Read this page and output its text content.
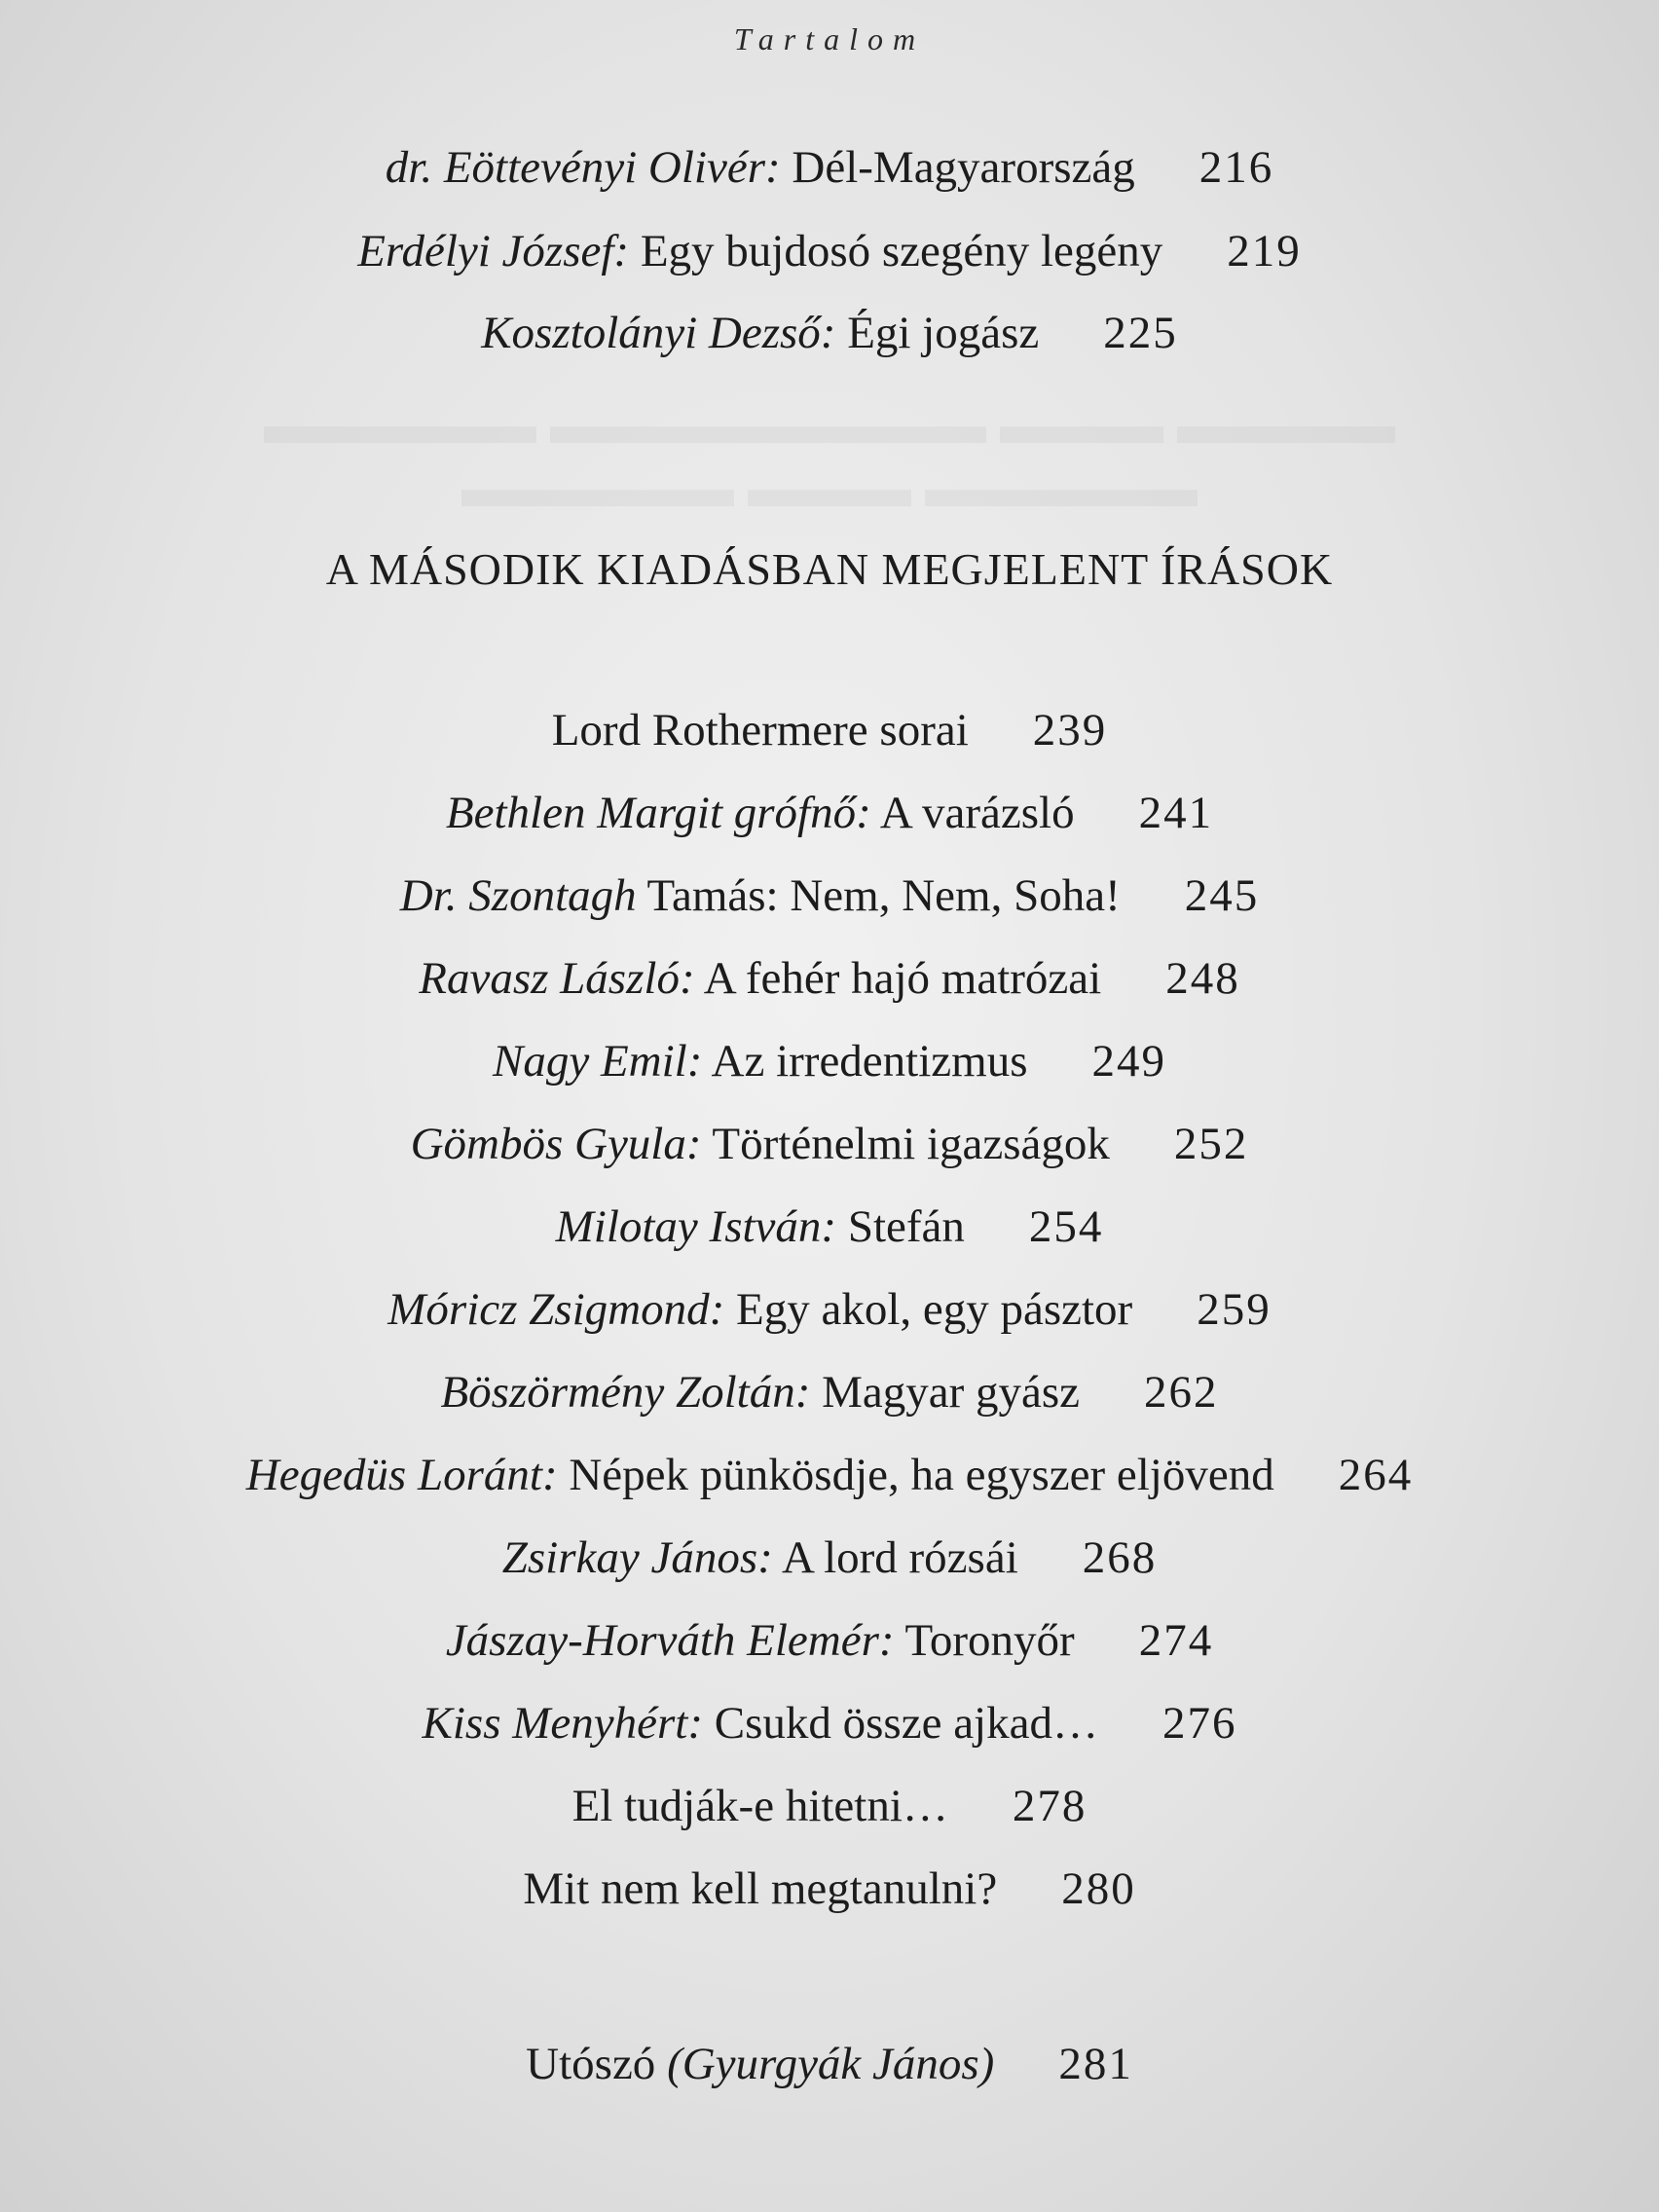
Tartalom
dr. Eöttevényi Olivér: Dél-Magyarország 216
Erdélyi József: Egy bujdosó szegény legény 219
Kosztolányi Dezső: Égi jogász 225
A MÁSODIK KIADÁSBAN MEGJELENT ÍRÁSOK
Lord Rothermere sorai 239
Bethlen Margit grófnő: A varázsló 241
Dr. Szontagh Tamás: Nem, Nem, Soha! 245
Ravasz László: A fehér hajó matrózai 248
Nagy Emil: Az irredentizmus 249
Gömbös Gyula: Történelmi igazságok 252
Milotay István: Stefán 254
Móricz Zsigmond: Egy akol, egy pásztor 259
Böszörmény Zoltán: Magyar gyász 262
Hegedüs Loránt: Népek pünkösdje, ha egyszer eljövend 264
Zsirkay János: A lord rózsái 268
Jászay-Horváth Elemér: Toronyőr 274
Kiss Menyhért: Csukd össze ajkad… 276
El tudják-e hitetni… 278
Mit nem kell megtanulni? 280
Utószó (Gyurgyák János) 281
